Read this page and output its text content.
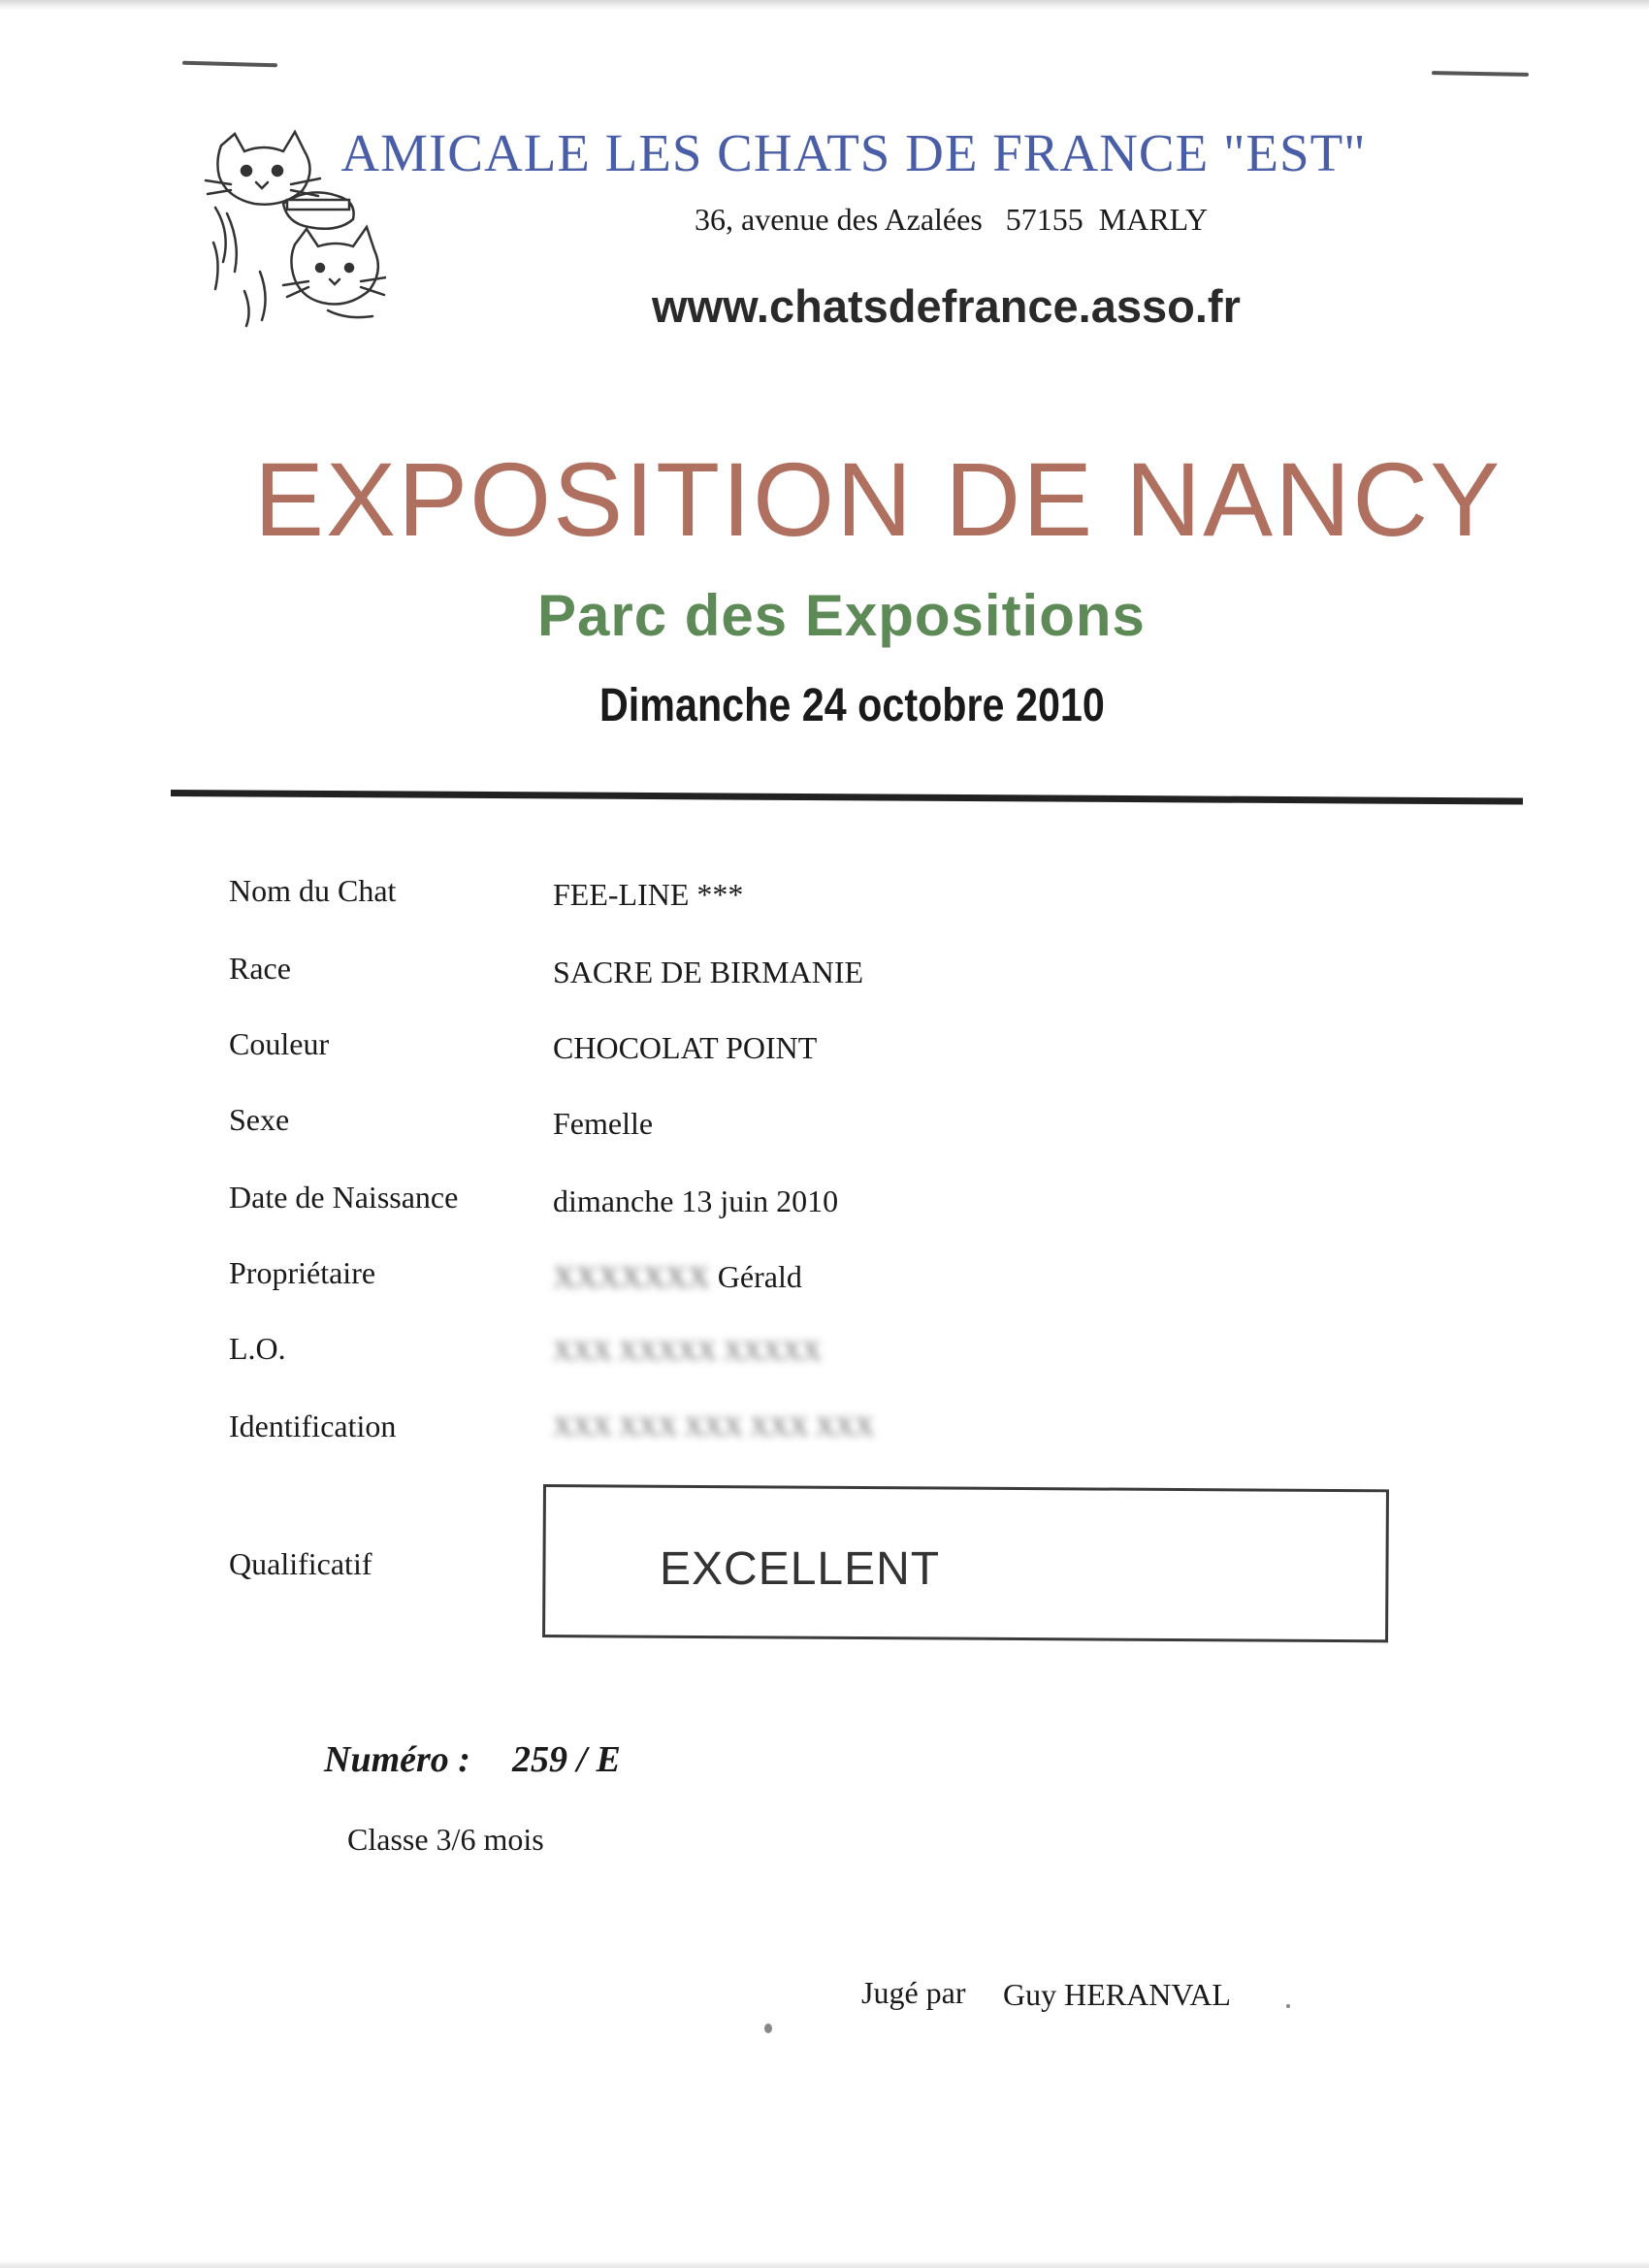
AMICALE LES CHATS DE FRANCE "EST"
36, avenue des Azalées   57155  MARLY
www.chatsdefrance.asso.fr
EXPOSITION DE NANCY
Parc des Expositions
Dimanche 24 octobre 2010
Nom du Chat	FEE-LINE ***
Race	SACRE DE BIRMANIE
Couleur	CHOCOLAT POINT
Sexe	Femelle
Date de Naissance	dimanche 13 juin 2010
Propriétaire	XXXXXXX Gérald
L.O.	XXX XXXXX XXXXX
Identification	XXX XXX XXX XXX XXX
Qualificatif	EXCELLENT
Numéro : 259 / E
Classe 3/6 mois
Jugé par Guy HERANVAL
